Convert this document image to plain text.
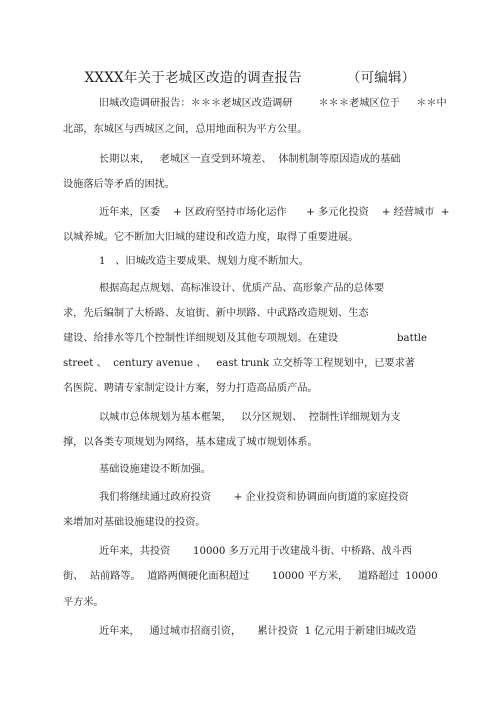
XXXX年关于老城区改造的调查报告          （可编辑）
旧城改造调研报告：＊＊＊老城区改造调研        ＊＊＊老城区位于     ＊＊中
北部，东城区与西城区之间，总用地面积为平方公里。
长期以来，   老城区一直受到环境差、  体制机制等原因造成的基础
设施落后等矛盾的困扰。
近年来，区委    + 区政府坚持市场化运作      + 多元化投资    + 经营城市  +
以城养城。它不断加大旧城的建设和改造力度，取得了重要进展。
1   、旧城改造主要成果、规划力度不断加大。
根据高起点规划、高标准设计、优质产品、高形象产品的总体要
求，先后编制了大桥路、友谊街、新中坝路、中武路改造规划、生态
建设、给排水等几个控制性详细规划及其他专项规划。在建设	battle
street 、  century avenue 、   east trunk 立交桥等工程规划中，已要求著
名医院、聘请专家制定设计方案，努力打造高品质产品。
以城市总体规划为基本框架，   以分区规划、  控制性详细规划为支
撑，以各类专项规划为网络，基本建成了城市规划体系。
基础设施建设不断加强。
我们将继续通过政府投资       + 企业投资和协调面向街道的家庭投资
来增加对基础设施建设的投资。
近年来，共投资       10000 多万元用于改建战斗街、中桥路、战斗西
街、  站前路等。  道路两侧硬化面积超过       10000 平方米，   道路超过  10000
平方米。
近年来，   通过城市招商引资，     累计投资  1 亿元用于新建旧城改造
